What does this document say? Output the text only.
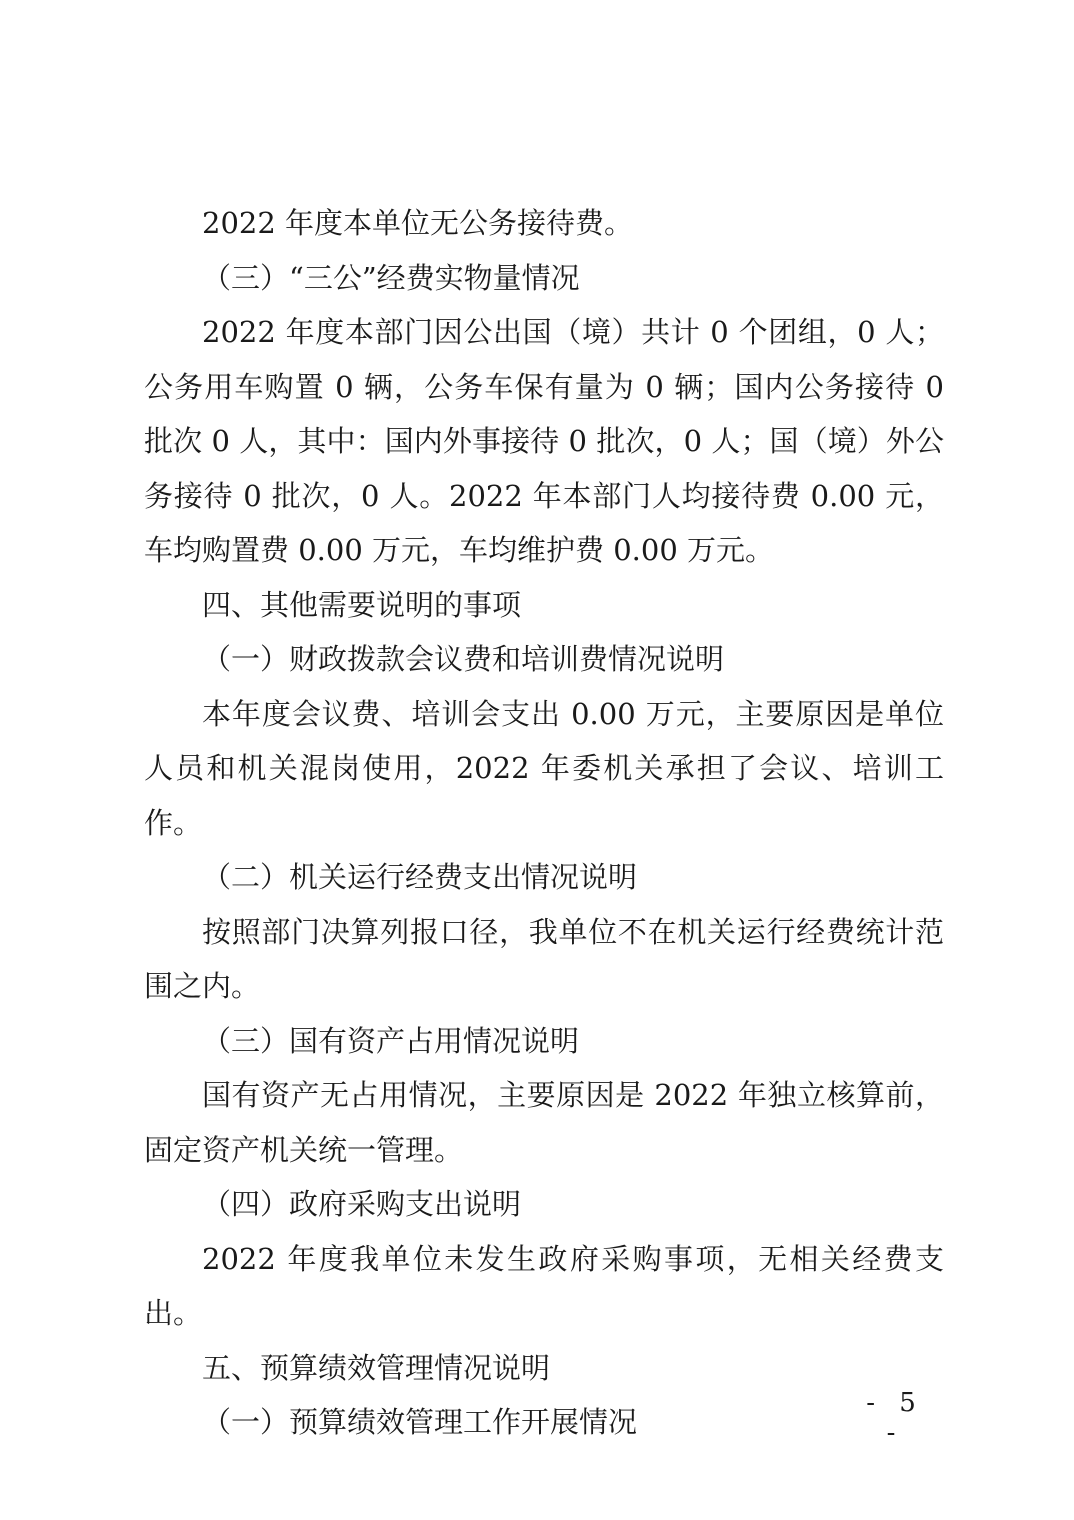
2022 年度本单位无公务接待费。

（三）“三公”经费实物量情况

2022 年度本部门因公出国（境）共计 0 个团组，0 人；公务用车购置 0 辆，公务车保有量为 0 辆；国内公务接待 0 批次 0 人，其中：国内外事接待 0 批次，0 人；国（境）外公务接待 0 批次，0 人。2022 年本部门人均接待费 0.00 元，车均购置费 0.00 万元，车均维护费 0.00 万元。

四、其他需要说明的事项

（一）财政拨款会议费和培训费情况说明

本年度会议费、培训会支出 0.00 万元，主要原因是单位人员和机关混岗使用，2022 年委机关承担了会议、培训工作。

（二）机关运行经费支出情况说明

按照部门决算列报口径，我单位不在机关运行经费统计范围之内。

（三）国有资产占用情况说明

国有资产无占用情况，主要原因是 2022 年独立核算前，固定资产机关统一管理。

（四）政府采购支出说明

2022 年度我单位未发生政府采购事项，无相关经费支出。

五、预算绩效管理情况说明

（一）预算绩效管理工作开展情况

- 5 -
